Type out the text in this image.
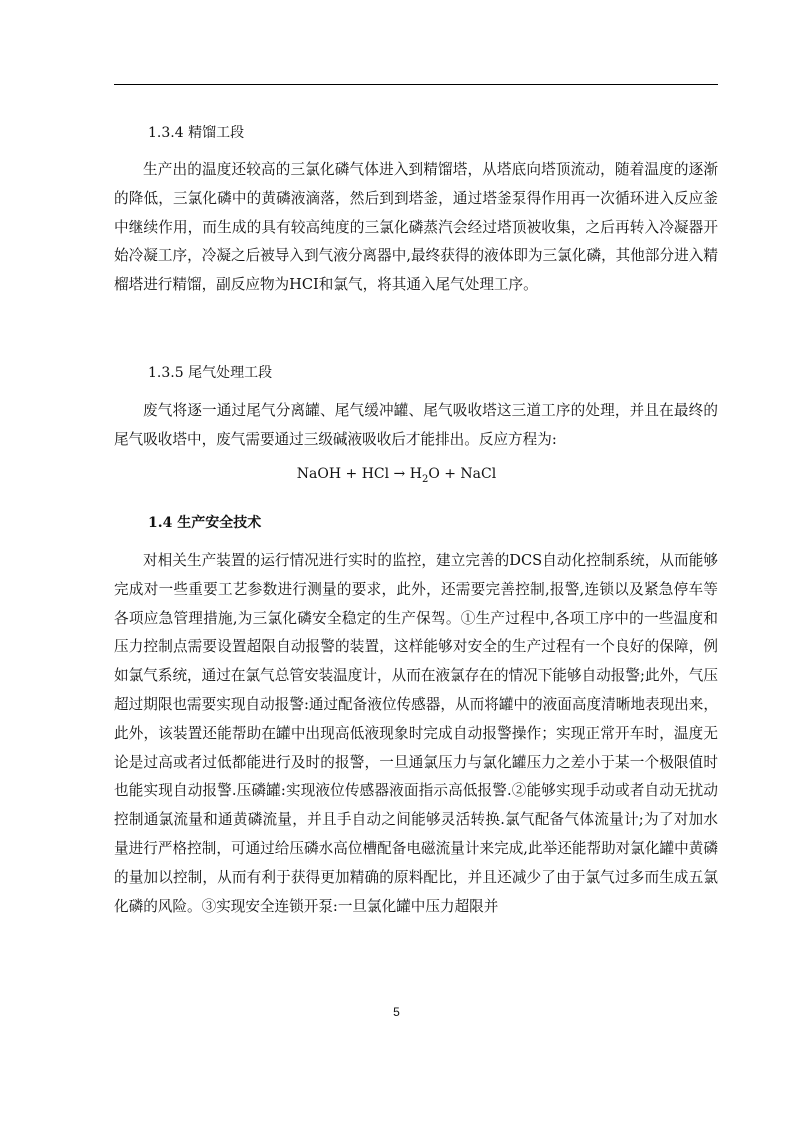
1.3.4 精馏工段
生产出的温度还较高的三氯化磷气体进入到精馏塔，从塔底向塔顶流动，随着温度的逐渐的降低，三氯化磷中的黄磷液滴落，然后到到塔釜，通过塔釜泵得作用再一次循环进入反应釜中继续作用，而生成的具有较高纯度的三氯化磷蒸汽会经过塔顶被收集，之后再转入冷凝器开始冷凝工序，冷凝之后被导入到气液分离器中,最终获得的液体即为三氯化磷，其他部分进入精榴塔进行精馏，副反应物为HCI和氯气，将其通入尾气处理工序。
1.3.5 尾气处理工段
废气将逐一通过尾气分离罐、尾气缓冲罐、尾气吸收塔这三道工序的处理，并且在最终的尾气吸收塔中，废气需要通过三级碱液吸收后才能排出。反应方程为:
NaOH + HCl → $H_2O$ + NaCl
1.4 生产安全技术
对相关生产装置的运行情况进行实时的监控，建立完善的DCS自动化控制系统，从而能够完成对一些重要工艺参数进行测量的要求，此外，还需要完善控制,报警,连锁以及紧急停车等各项应急管理措施,为三氯化磷安全稳定的生产保驾。①生产过程中,各项工序中的一些温度和压力控制点需要设置超限自动报警的装置，这样能够对安全的生产过程有一个良好的保障，例如氯气系统，通过在氯气总管安装温度计，从而在液氯存在的情况下能够自动报警;此外，气压超过期限也需要实现自动报警:通过配备液位传感器，从而将罐中的液面高度清晰地表现出来，此外，该装置还能帮助在罐中出现高低液现象时完成自动报警操作；实现正常开车时，温度无论是过高或者过低都能进行及时的报警，一旦通氯压力与氯化罐压力之差小于某一个极限值时也能实现自动报警.压磷罐:实现液位传感器液面指示高低报警.②能够实现手动或者自动无扰动控制通氯流量和通黄磷流量，并且手自动之间能够灵活转换.氯气配备气体流量计;为了对加水量进行严格控制，可通过给压磷水高位槽配备电磁流量计来完成,此举还能帮助对氯化罐中黄磷的量加以控制，从而有利于获得更加精确的原料配比，并且还减少了由于氯气过多而生成五氯化磷的风险。③实现安全连锁开泵:一旦氯化罐中压力超限并
5
